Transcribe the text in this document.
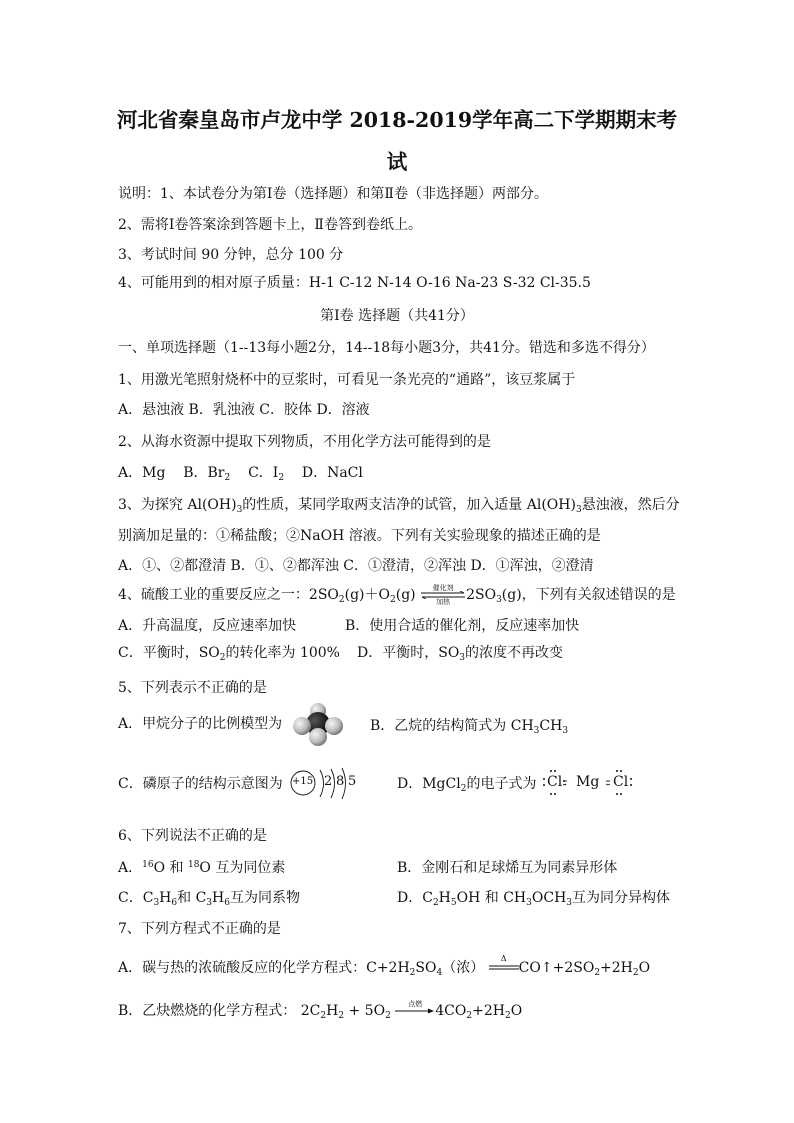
河北省秦皇岛市卢龙中学 2018-2019学年高二下学期期末考
试
说明：1、本试卷分为第Ⅰ卷（选择题）和第Ⅱ卷（非选择题）两部分。
2、需将Ⅰ卷答案涂到答题卡上，Ⅱ卷答到卷纸上。
3、考试时间 90 分钟，总分 100 分
4、可能用到的相对原子质量：H-1 C-12 N-14 O-16 Na-23 S-32 Cl-35.5
第Ⅰ卷 选择题（共41分）
一、单项选择题（1--13每小题2分，14--18每小题3分，共41分。错选和多选不得分）
1、用激光笔照射烧杯中的豆浆时，可看见一条光亮的“通路”，该豆浆属于
A．悬浊液 B．乳浊液 C．胶体 D．溶液
2、从海水资源中提取下列物质，不用化学方法可能得到的是
A．Mg B．$Br_2$ C．$I_2$ D．NaCl
3、为探究 $Al(OH)_3$的性质，某同学取两支洁净的试管，加入适量 $Al(OH)_3$悬浊液，然后分
别滴加足量的：①稀盐酸；②NaOH 溶液。下列有关实验现象的描述正确的是
A．①、②都澄清 B．①、②都浑浊 C．①澄清，②浑浊 D．①浑浊，②澄清
4、硫酸工业的重要反应之一：$2SO_2(g)+O_2(g)$	催化剂
加热	$2SO_3(g)$，下列有关叙述错误的是
A．升高温度，反应速率加快	B．使用合适的催化剂，反应速率加快
C．平衡时，$SO_2$的转化率为 100% D．平衡时，$SO_3$的浓度不再改变
5、下列表示不正确的是
A．甲烷分子的比例模型为	B．乙烷的结构简式为 $CH_3CH_3$
C．磷原子的结构示意图为 +15 2 8 5	D．MgCl$_2$的电子式为 Cl Mg Cl
6、下列说法不正确的是
A．$^{16}$O 和 $^{18}$O 互为同位素	B．金刚石和足球烯互为同素异形体
C．$C_3H_6$和 $C_3H_6$互为同系物	D．$C_2H_5OH$ 和 $CH_3OCH_3$互为同分异构体
7、下列方程式不正确的是
A．碳与热的浓硫酸反应的化学方程式：$C+2H_2SO_4$（浓）
Δ
$CO↑+2SO_2+2H_2O$
B．乙炔燃烧的化学方程式： $2C_2H_2 + 5O_2$
点燃 $4CO_2+2H_2O$
